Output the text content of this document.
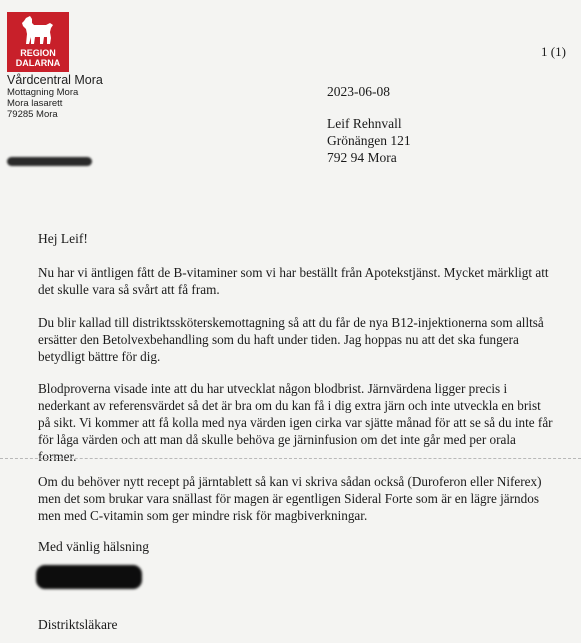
REGION
DALARNA
Vårdcentral Mora
Mottagning Mora
Mora lasarett
79285 Mora
1 (1)
2023-06-08
Leif Rehnvall
Grönängen 121
792 94 Mora
Hej Leif!
Nu har vi äntligen fått de B-vitaminer som vi har beställt från Apotekstjänst. Mycket märkligt att
det skulle vara så svårt att få fram.
Du blir kallad till distriktssköterskemottagning så att du får de nya B12-injektionerna som alltså
ersätter den Betolvexbehandling som du haft under tiden. Jag hoppas nu att det ska fungera
betydligt bättre för dig.
Blodproverna visade inte att du har utvecklat någon blodbrist. Järnvärdena ligger precis i
nederkant av referensvärdet så det är bra om du kan få i dig extra järn och inte utveckla en brist
på sikt. Vi kommer att få kolla med nya värden igen cirka var sjätte månad för att se så du inte får
för låga värden och att man då skulle behöva ge järninfusion om det inte går med per orala
former.
Om du behöver nytt recept på järntablett så kan vi skriva sådan också (Duroferon eller Niferex)
men det som brukar vara snällast för magen är egentligen Sideral Forte som är en lägre järndos
men med C-vitamin som ger mindre risk för magbiverkningar.
Med vänlig hälsning
Distriktsläkare
